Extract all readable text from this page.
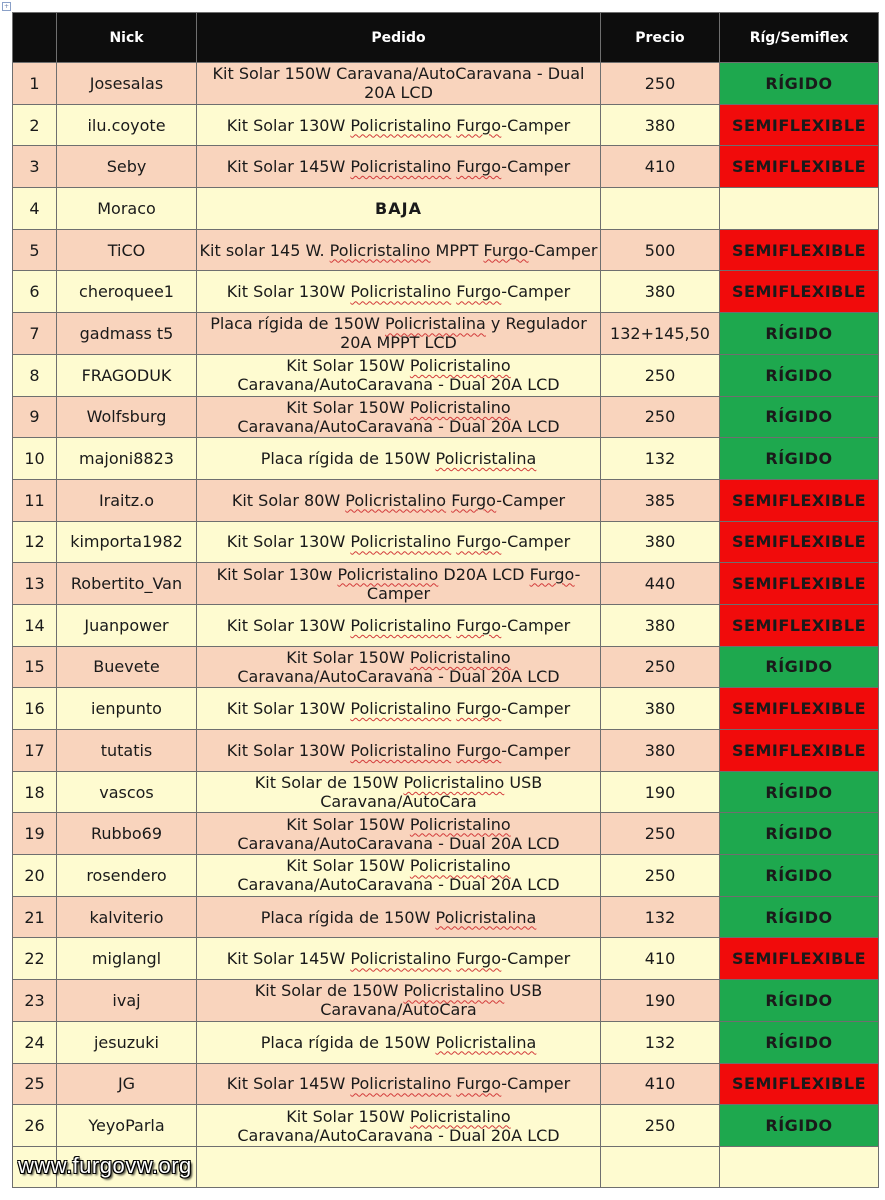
+
	Nick	Pedido	Precio	Ríg/Semiflex
1	Josesalas	Kit Solar 150W Caravana/AutoCaravana - Dual 20A LCD	250	RÍGIDO
2	ilu.coyote	Kit Solar 130W Policristalino Furgo-Camper	380	SEMIFLEXIBLE
3	Seby	Kit Solar 145W Policristalino Furgo-Camper	410	SEMIFLEXIBLE
4	Moraco	BAJA		
5	TiCO	Kit solar 145 W. Policristalino MPPT Furgo-Camper	500	SEMIFLEXIBLE
6	cheroquee1	Kit Solar 130W Policristalino Furgo-Camper	380	SEMIFLEXIBLE
7	gadmass t5	Placa rígida de 150W Policristalina y Regulador 20A MPPT LCD	132+145,50	RÍGIDO
8	FRAGODUK	Kit Solar 150W Policristalino Caravana/AutoCaravana - Dual 20A LCD	250	RÍGIDO
9	Wolfsburg	Kit Solar 150W Policristalino Caravana/AutoCaravana - Dual 20A LCD	250	RÍGIDO
10	majoni8823	Placa rígida de 150W Policristalina	132	RÍGIDO
11	Iraitz.o	Kit Solar 80W Policristalino Furgo-Camper	385	SEMIFLEXIBLE
12	kimporta1982	Kit Solar 130W Policristalino Furgo-Camper	380	SEMIFLEXIBLE
13	Robertito_Van	Kit Solar 130w Policristalino D20A LCD Furgo-Camper	440	SEMIFLEXIBLE
14	Juanpower	Kit Solar 130W Policristalino Furgo-Camper	380	SEMIFLEXIBLE
15	Buevete	Kit Solar 150W Policristalino Caravana/AutoCaravana - Dual 20A LCD	250	RÍGIDO
16	ienpunto	Kit Solar 130W Policristalino Furgo-Camper	380	SEMIFLEXIBLE
17	tutatis	Kit Solar 130W Policristalino Furgo-Camper	380	SEMIFLEXIBLE
18	vascos	Kit Solar de 150W Policristalino USB Caravana/AutoCara	190	RÍGIDO
19	Rubbo69	Kit Solar 150W Policristalino Caravana/AutoCaravana - Dual 20A LCD	250	RÍGIDO
20	rosendero	Kit Solar 150W Policristalino Caravana/AutoCaravana - Dual 20A LCD	250	RÍGIDO
21	kalviterio	Placa rígida de 150W Policristalina	132	RÍGIDO
22	miglangl	Kit Solar 145W Policristalino Furgo-Camper	410	SEMIFLEXIBLE
23	ivaj	Kit Solar de 150W Policristalino USB Caravana/AutoCara	190	RÍGIDO
24	jesuzuki	Placa rígida de 150W Policristalina	132	RÍGIDO
25	JG	Kit Solar 145W Policristalino Furgo-Camper	410	SEMIFLEXIBLE
26	YeyoParla	Kit Solar 150W Policristalino Caravana/AutoCaravana - Dual 20A LCD	250	RÍGIDO

www.furgovw.org
